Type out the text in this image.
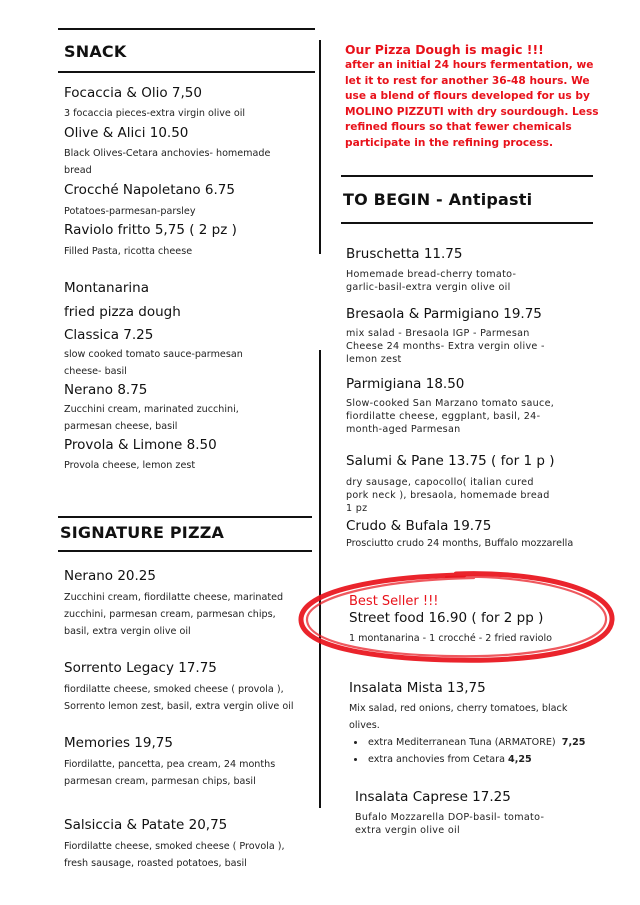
SNACK
Focaccia & Olio 7,50
3 focaccia pieces-extra virgin olive oil
Olive & Alici 10.50
Black Olives-Cetara anchovies- homemade bread
Crocché Napoletano 6.75
Potatoes-parmesan-parsley
Raviolo fritto 5,75 ( 2 pz )
Filled Pasta, ricotta cheese
Montanarina
fried pizza dough
Classica 7.25
slow cooked tomato sauce-parmesan cheese- basil
Nerano 8.75
Zucchini cream, marinated zucchini, parmesan cheese, basil
Provola & Limone 8.50
Provola cheese, lemon zest
SIGNATURE PIZZA
Nerano 20.25
Zucchini cream, fiordilatte cheese, marinated zucchini, parmesan cream, parmesan chips, basil, extra vergin olive oil
Sorrento Legacy 17.75
fiordilatte cheese, smoked cheese ( provola ), Sorrento lemon zest, basil, extra vergin olive oil
Memories 19,75
Fiordilatte, pancetta, pea cream, 24 months parmesan cream, parmesan chips, basil
Salsiccia & Patate 20,75
Fiordilatte cheese, smoked cheese ( Provola ), fresh sausage, roasted potatoes, basil
Our Pizza Dough is magic !!!
after an initial 24 hours fermentation, we let it to rest for another 36-48 hours. We use a blend of flours developed for us by MOLINO PIZZUTI with dry sourdough. Less refined flours so that fewer chemicals participate in the refining process.
TO BEGIN - Antipasti
Bruschetta 11.75
Homemade bread-cherry tomato-garlic-basil-extra vergin olive oil
Bresaola & Parmigiano 19.75
mix salad - Bresaola IGP - Parmesan Cheese 24 months- Extra vergin olive - lemon zest
Parmigiana 18.50
Slow-cooked San Marzano tomato sauce, fiordilatte cheese, eggplant, basil, 24-month-aged Parmesan
Salumi & Pane 13.75 ( for 1 p )
dry sausage, capocollo( italian cured pork neck ), bresaola, homemade bread 1 pz
Crudo & Bufala 19.75
Prosciutto crudo 24 months, Buffalo mozzarella
Best Seller !!!
Street food 16.90 ( for 2 pp )
1 montanarina - 1 crocché - 2 fried raviolo
Insalata Mista 13,75
Mix salad, red onions, cherry tomatoes, black olives.
• extra Mediterranean Tuna (ARMATORE) 7,25
• extra anchovies from Cetara 4,25
Insalata Caprese 17.25
Bufalo Mozzarella DOP-basil- tomato-extra vergin olive oil
